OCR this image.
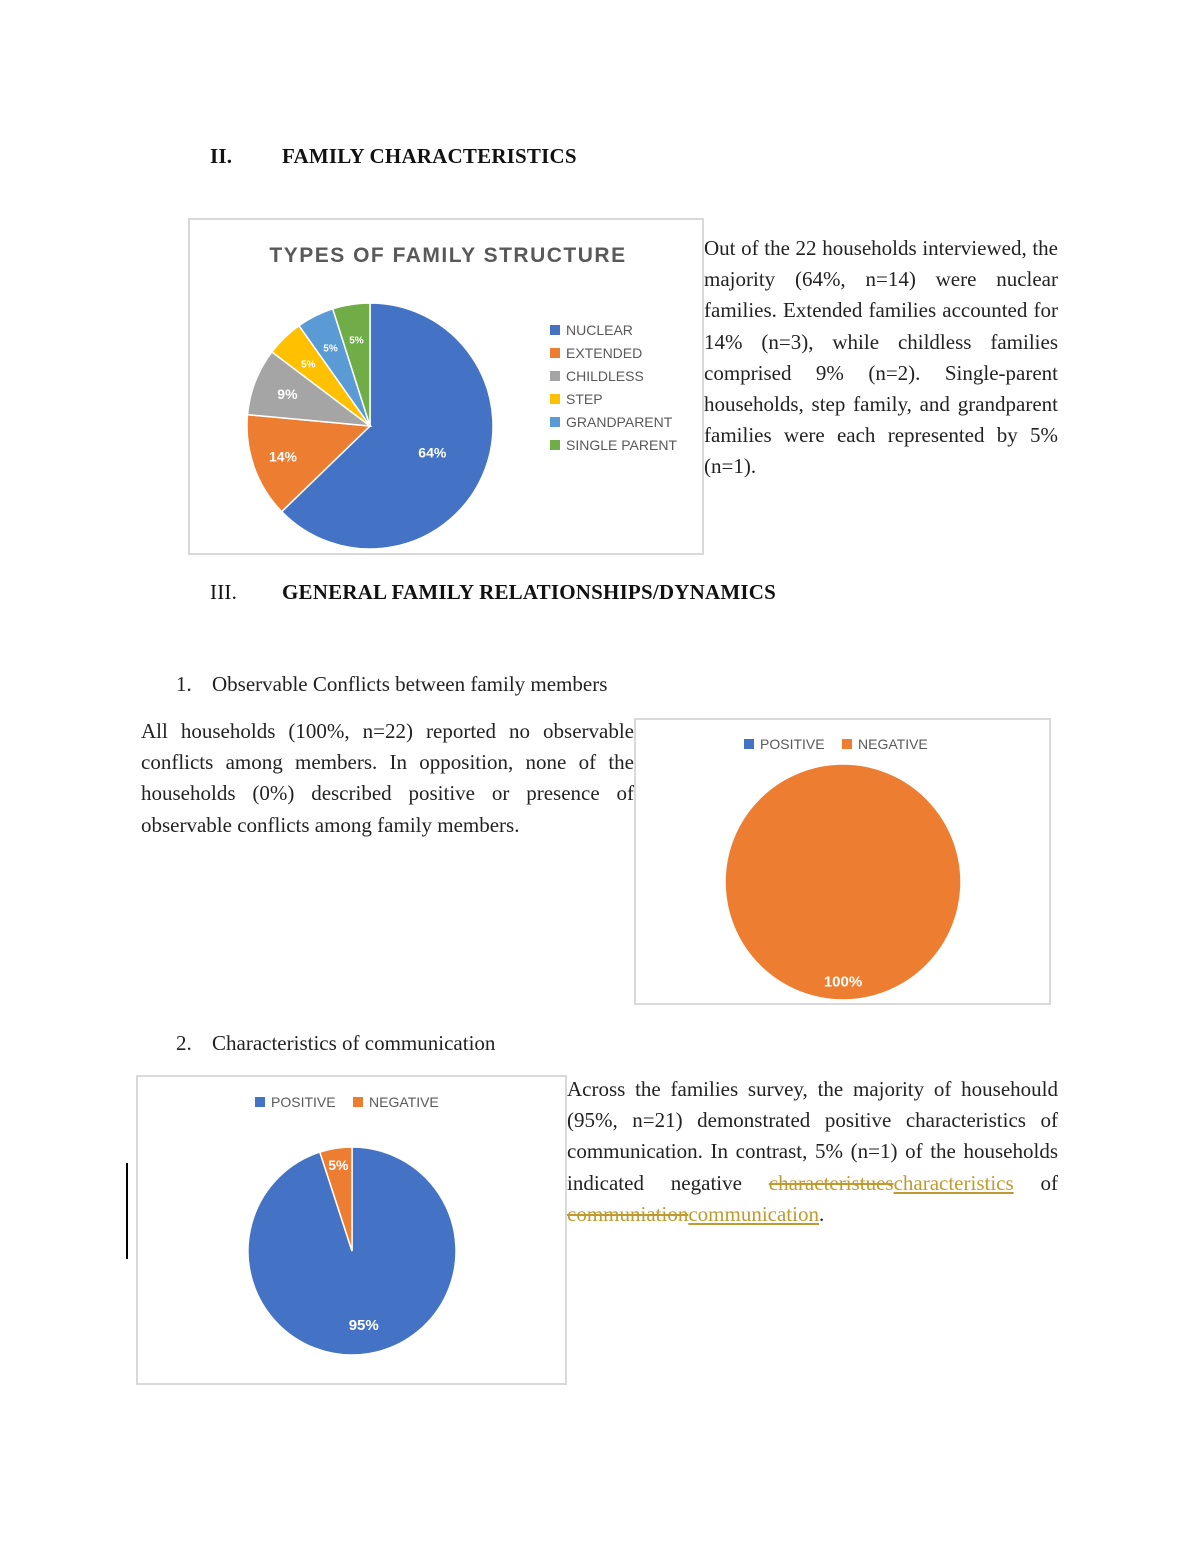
II. FAMILY CHARACTERISTICS
TYPES OF FAMILY STRUCTURE
64%
14%
9%
5%
5%
5%
NUCLEAR
EXTENDED
CHILDLESS
STEP
GRANDPARENT
SINGLE PARENT

Out of the 22 households interviewed, the majority (64%, n=14) were nuclear families. Extended families accounted for 14% (n=3), while childless families comprised 9% (n=2). Single-parent households, step family, and grandparent families were each represented by 5% (n=1).

III. GENERAL FAMILY RELATIONSHIPS/DYNAMICS
1. Observable Conflicts between family members

All households (100%, n=22) reported no observable conflicts among members. In opposition, none of the households (0%) described positive or presence of observable conflicts among family members.

POSITIVE NEGATIVE
100%
2. Characteristics of communication
POSITIVE NEGATIVE
95%
5%

Across the families survey, the majority of househould (95%, n=21) demonstrated positive characteristics of communication. In contrast, 5% (n=1) of the households indicated negative characteristuescharacteristics of communiationcommunication.
